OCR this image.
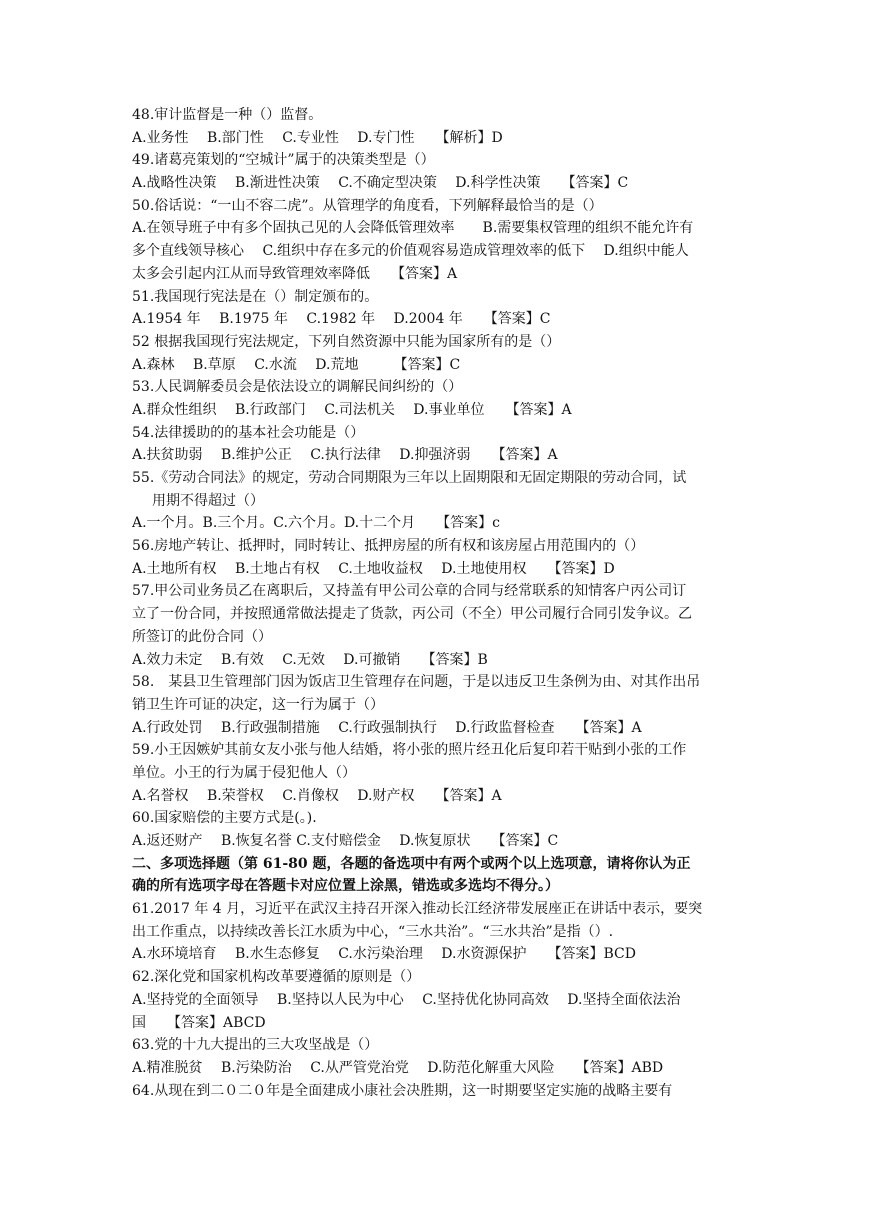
48.审计监督是一种（）监督。
A.业务性　 B.部门性　 C.专业性　 D.专门性　　【解析】D
49.诸葛亮策划的“空城计”属于的决策类型是（）
A.战略性决策　 B.渐进性决策　 C.不确定型决策　 D.科学性决策　　【答案】C
50.俗话说：“一山不容二虎”。从管理学的角度看，下列解释最恰当的是（）
A.在领导班子中有多个固执己见的人会降低管理效率　　B.需要集权管理的组织不能允许有
多个直线领导核心　 C.组织中存在多元的价值观容易造成管理效率的低下　 D.组织中能人
太多会引起内江从而导致管理效率降低　　【答案】A
51.我国现行宪法是在（）制定颁布的。
A.1954 年　 B.1975 年　 C.1982 年　 D.2004 年　　【答案】C
52 根据我国现行宪法规定，下列自然资源中只能为国家所有的是（）
A.森林　 B.草原　 C.水流　 D.荒地　　　【答案】C
53.人民调解委员会是依法设立的调解民间纠纷的（）
A.群众性组织　 B.行政部门　 C.司法机关　 D.事业单位　　【答案】A
54.法律援助的的基本社会功能是（）
A.扶贫助弱　 B.维护公正　 C.执行法律　 D.抑强济弱　　【答案】A
55.《劳动合同法》的规定，劳动合同期限为三年以上固期限和无固定期限的劳动合同，试
用期不得超过（）
A.一个月。B.三个月。C.六个月。D.十二个月　　【答案】c
56.房地产转让、抵押时，同时转让、抵押房屋的所有权和该房屋占用范围内的（）
A.土地所有权　 B.土地占有权　 C.土地收益权　 D.土地使用权　　【答案】D
57.甲公司业务员乙在离职后，又持盖有甲公司公章的合同与经常联系的知情客户丙公司订
立了一份合同，并按照通常做法提走了货款，丙公司（不全）甲公司履行合同引发争议。乙
所签订的此份合同（）
A.效力未定　 B.有效　 C.无效　 D.可撤销　　【答案】B
58.　某县卫生管理部门因为饭店卫生管理存在问题，于是以违反卫生条例为由、对其作出吊
销卫生许可证的决定，这一行为属于（）
A.行政处罚　 B.行政强制措施　 C.行政强制执行　 D.行政监督检查　　【答案】A
59.小王因嫉妒其前女友小张与他人结婚，将小张的照片经丑化后复印若干贴到小张的工作
单位。小王的行为属于侵犯他人（）
A.名誉权　 B.荣誉权　 C.肖像权　 D.财产权　　【答案】A
60.国家赔偿的主要方式是(。).
A.返还财产　 B.恢复名誉 C.支付赔偿金　 D.恢复原状　　【答案】C
二、多项选择题（第 61-80 题，各题的备选项中有两个或两个以上选项意，请将你认为正
确的所有选项字母在答题卡对应位置上涂黑，错选或多选均不得分。）
61.2017 年 4 月，习近平在武汉主持召开深入推动长江经济带发展座正在讲话中表示，要突
出工作重点，以持续改善长江水质为中心，“三水共治”。“三水共治”是指（）.
A.水环境培育　 B.水生态修复　 C.水污染治理　 D.水资源保护　　【答案】BCD
62.深化党和国家机构改革要遵循的原则是（）
A.坚持党的全面领导　 B.坚持以人民为中心　 C.坚持优化协同高效　 D.坚持全面依法治
国　　【答案】ABCD
63.党的十九大提出的三大攻坚战是（）
A.精准脱贫　 B.污染防治　 C.从严管党治党　 D.防范化解重大风险　　【答案】ABD
64.从现在到二０二０年是全面建成小康社会决胜期，这一时期要坚定实施的战略主要有
